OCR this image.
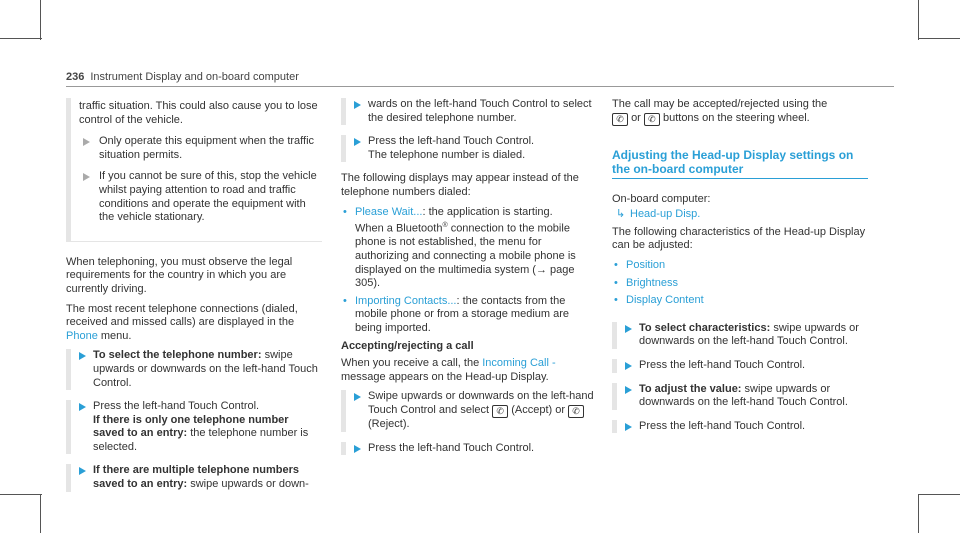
236 Instrument Display and on-board computer

traffic situation. This could also cause you to lose control of the vehicle.

Only operate this equipment when the traffic situation permits.
If you cannot be sure of this, stop the vehicle whilst paying attention to road and traffic conditions and operate the equipment with the vehicle stationary.

When telephoning, you must observe the legal requirements for the country in which you are currently driving.

The most recent telephone connections (dialed, received and missed calls) are displayed in the Phone menu.

To select the telephone number: swipe upwards or downwards on the left-hand Touch Control.
Press the left-hand Touch Control.
If there is only one telephone number saved to an entry: the telephone number is selected.
If there are multiple telephone numbers saved to an entry: swipe upwards or down-
wards on the left-hand Touch Control to select the desired telephone number.
Press the left-hand Touch Control.
The telephone number is dialed.

The following displays may appear instead of the telephone numbers dialed:

• Please Wait...: the application is starting.
When a Bluetooth® connection to the mobile phone is not established, the menu for authorizing and connecting a mobile phone is displayed on the multimedia system (→ page 305).
• Importing Contacts...: the contacts from the mobile phone or from a storage medium are being imported.
Accepting/rejecting a call

When you receive a call, the Incoming Call - message appears on the Head-up Display.

Swipe upwards or downwards on the left-hand Touch Control and select ✆ (Accept) or ✆ (Reject).
Press the left-hand Touch Control.

The call may be accepted/rejected using the
✆ or ✆ buttons on the steering wheel.

Adjusting the Head-up Display settings on the on-board computer

On-board computer:

↳ Head-up Disp.

The following characteristics of the Head-up Display can be adjusted:

• Position
• Brightness
• Display Content
To select characteristics: swipe upwards or downwards on the left-hand Touch Control.
Press the left-hand Touch Control.
To adjust the value: swipe upwards or downwards on the left-hand Touch Control.
Press the left-hand Touch Control.
